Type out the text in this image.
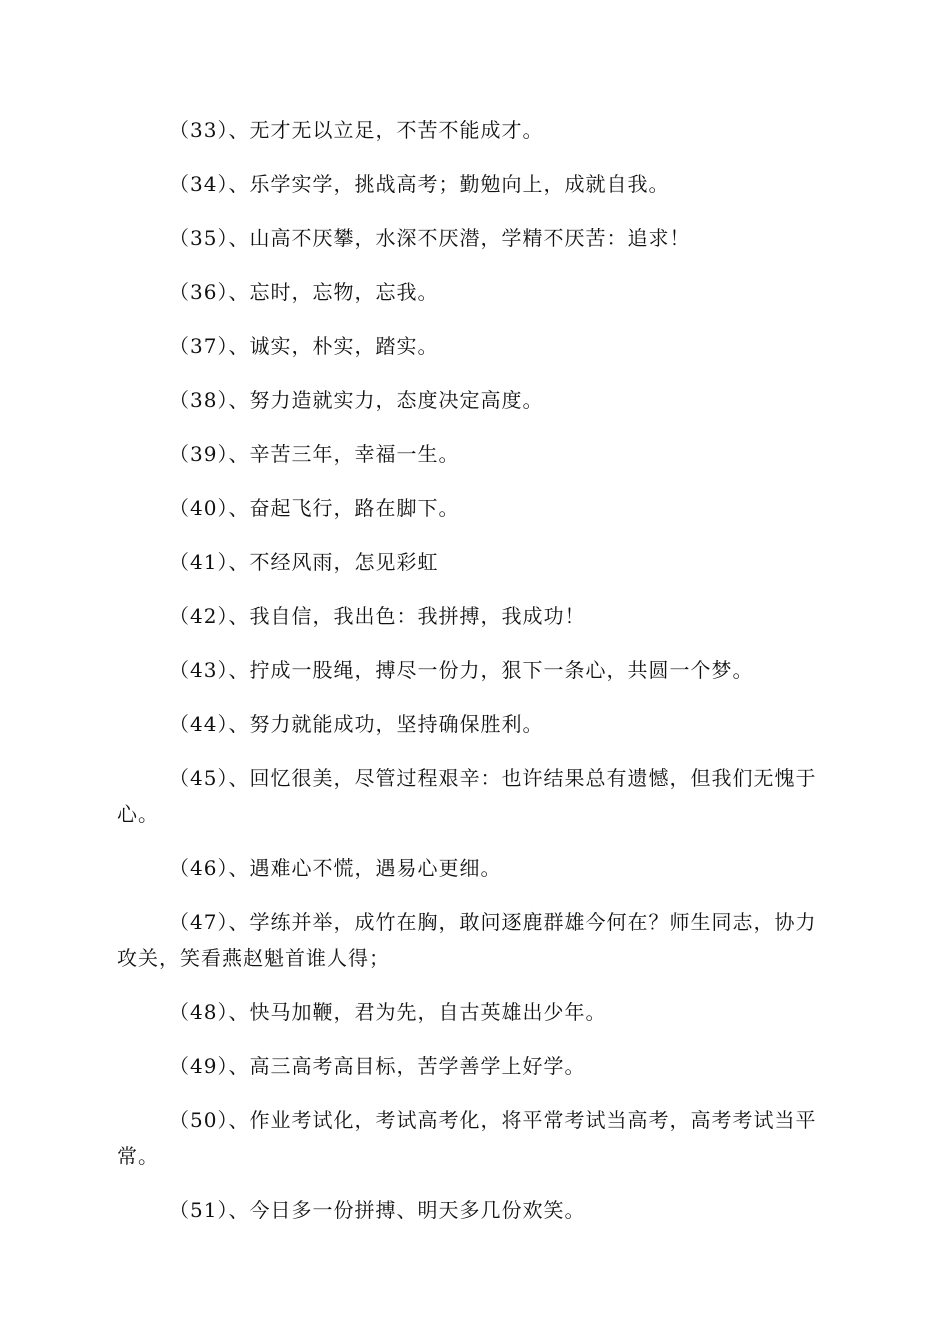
（33）、无才无以立足，不苦不能成才。

（34）、乐学实学，挑战高考；勤勉向上，成就自我。

（35）、山高不厌攀，水深不厌潜，学精不厌苦：追求！

（36）、忘时，忘物，忘我。

（37）、诚实，朴实，踏实。

（38）、努力造就实力，态度决定高度。

（39）、辛苦三年，幸福一生。

（40）、奋起飞行，路在脚下。

（41）、不经风雨，怎见彩虹

（42）、我自信，我出色：我拼搏，我成功！

（43）、拧成一股绳，搏尽一份力，狠下一条心，共圆一个梦。

（44）、努力就能成功，坚持确保胜利。

（45）、回忆很美，尽管过程艰辛：也许结果总有遗憾，但我们无愧于心。

（46）、遇难心不慌，遇易心更细。

（47）、学练并举，成竹在胸，敢问逐鹿群雄今何在？师生同志，协力攻关，笑看燕赵魁首谁人得；

（48）、快马加鞭，君为先，自古英雄出少年。

（49）、高三高考高目标，苦学善学上好学。

（50）、作业考试化，考试高考化，将平常考试当高考，高考考试当平常。

（51）、今日多一份拼搏、明天多几份欢笑。
